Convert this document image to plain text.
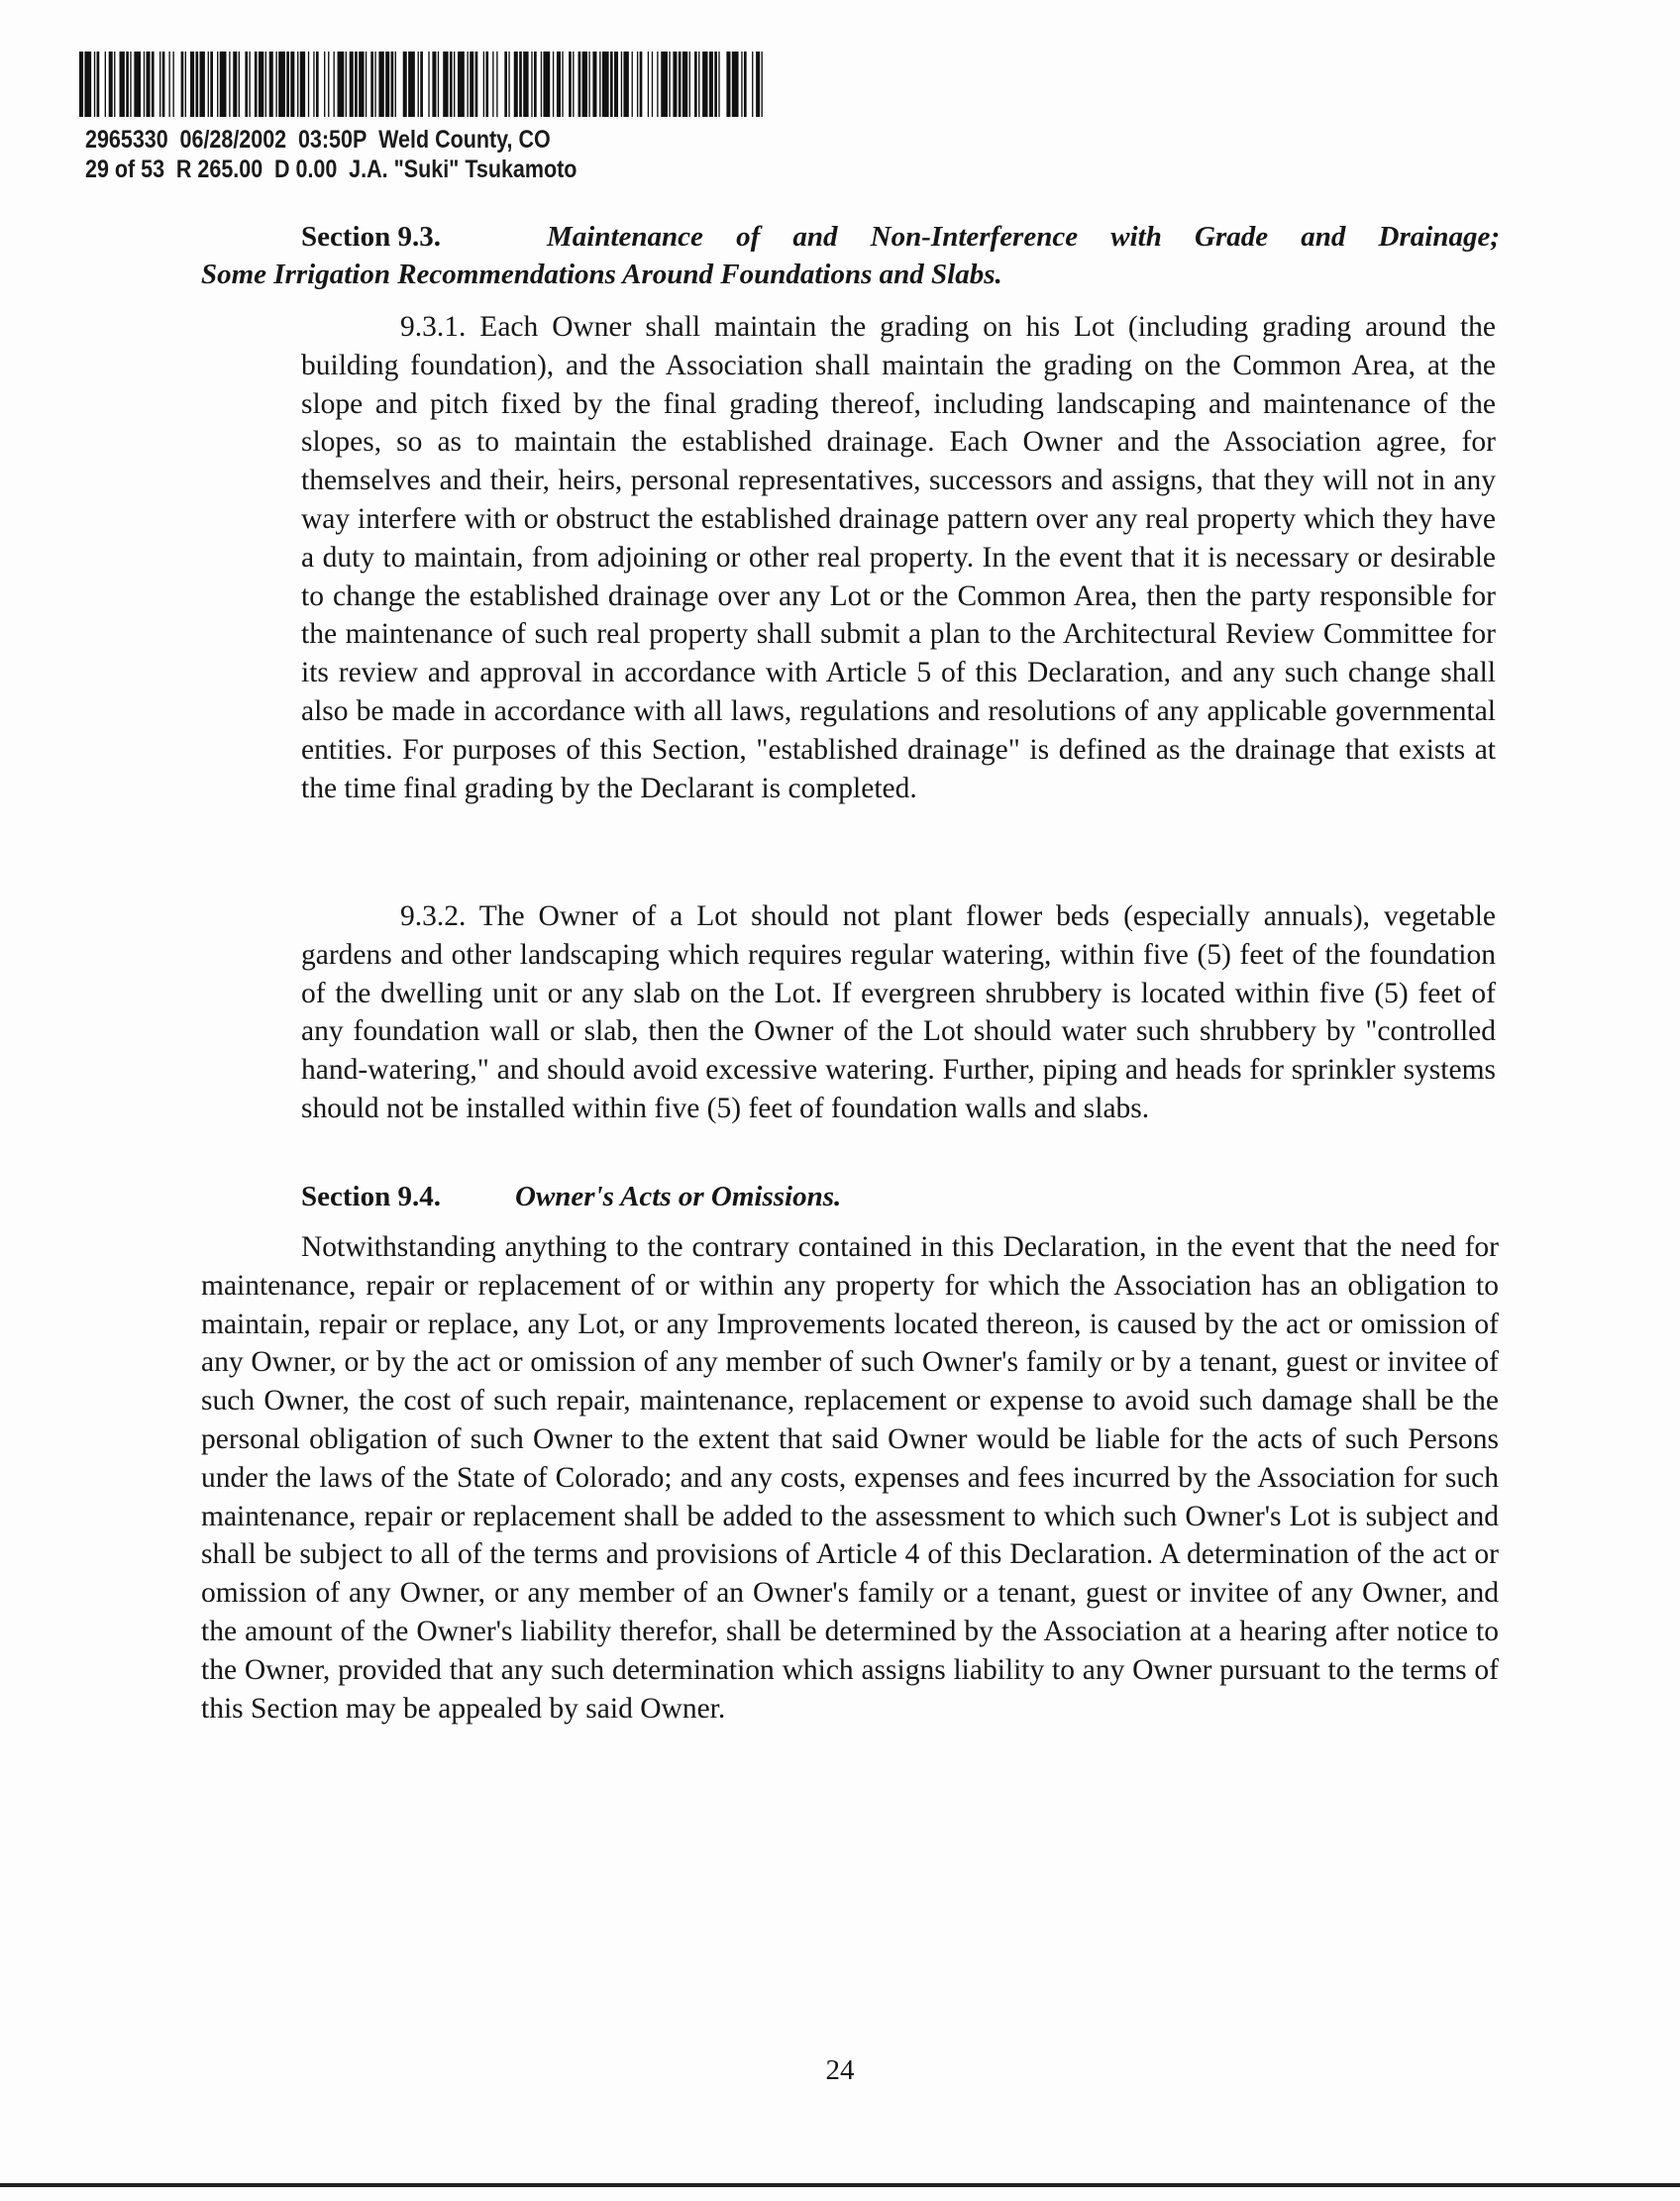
2965330 06/28/2002 03:50P Weld County, CO
29 of 53 R 265.00 D 0.00 J.A. "Suki" Tsukamoto
Section 9.3.	Maintenance of and Non-Interference with Grade and Drainage;
Some Irrigation Recommendations Around Foundations and Slabs.

9.3.1. Each Owner shall maintain the grading on his Lot (including grading around the building foundation), and the Association shall maintain the grading on the Common Area, at the slope and pitch fixed by the final grading thereof, including landscaping and maintenance of the slopes, so as to maintain the established drainage. Each Owner and the Association agree, for themselves and their, heirs, personal representatives, successors and assigns, that they will not in any way interfere with or obstruct the established drainage pattern over any real property which they have a duty to maintain, from adjoining or other real property. In the event that it is necessary or desirable to change the established drainage over any Lot or the Common Area, then the party responsible for the maintenance of such real property shall submit a plan to the Architectural Review Committee for its review and approval in accordance with Article 5 of this Declaration, and any such change shall also be made in accordance with all laws, regulations and resolutions of any applicable governmental entities. For purposes of this Section, "established drainage" is defined as the drainage that exists at the time final grading by the Declarant is completed.

9.3.2. The Owner of a Lot should not plant flower beds (especially annuals), vegetable gardens and other landscaping which requires regular watering, within five (5) feet of the foundation of the dwelling unit or any slab on the Lot. If evergreen shrubbery is located within five (5) feet of any foundation wall or slab, then the Owner of the Lot should water such shrubbery by "controlled hand-watering," and should avoid excessive watering. Further, piping and heads for sprinkler systems should not be installed within five (5) feet of foundation walls and slabs.

Section 9.4.	Owner's Acts or Omissions.

Notwithstanding anything to the contrary contained in this Declaration, in the event that the need for maintenance, repair or replacement of or within any property for which the Association has an obligation to maintain, repair or replace, any Lot, or any Improvements located thereon, is caused by the act or omission of any Owner, or by the act or omission of any member of such Owner's family or by a tenant, guest or invitee of such Owner, the cost of such repair, maintenance, replacement or expense to avoid such damage shall be the personal obligation of such Owner to the extent that said Owner would be liable for the acts of such Persons under the laws of the State of Colorado; and any costs, expenses and fees incurred by the Association for such maintenance, repair or replacement shall be added to the assessment to which such Owner's Lot is subject and shall be subject to all of the terms and provisions of Article 4 of this Declaration. A determination of the act or omission of any Owner, or any member of an Owner's family or a tenant, guest or invitee of any Owner, and the amount of the Owner's liability therefor, shall be determined by the Association at a hearing after notice to the Owner, provided that any such determination which assigns liability to any Owner pursuant to the terms of this Section may be appealed by said Owner.

24
